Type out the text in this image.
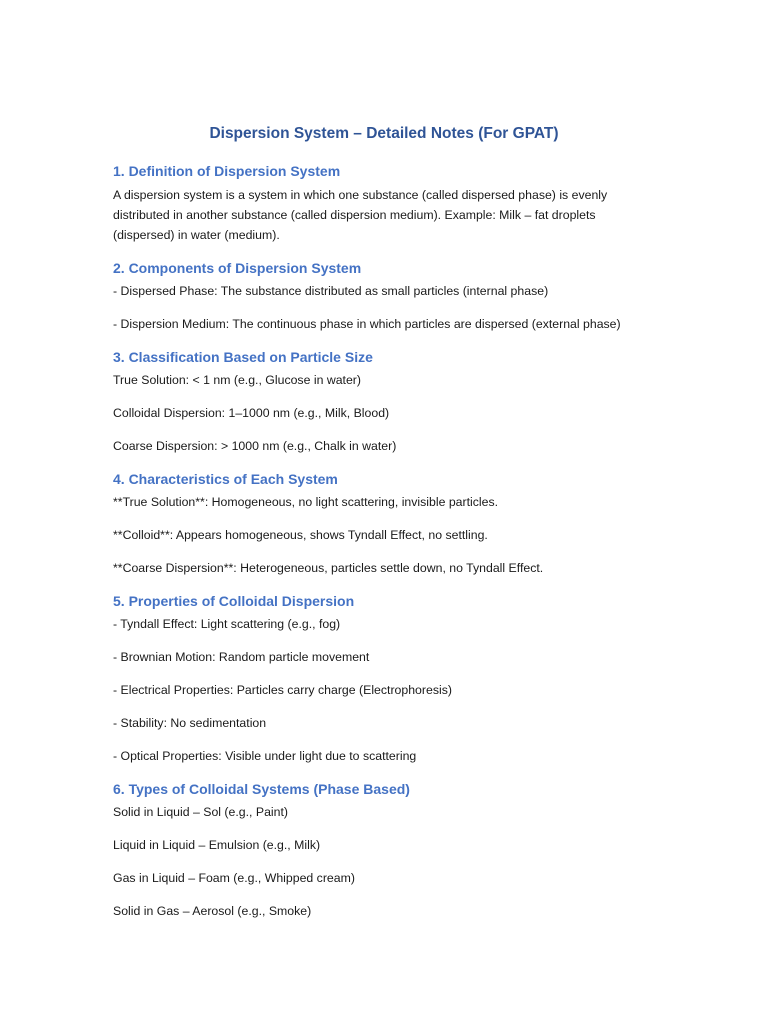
Dispersion System – Detailed Notes (For GPAT)
1. Definition of Dispersion System
A dispersion system is a system in which one substance (called dispersed phase) is evenly distributed in another substance (called dispersion medium). Example: Milk – fat droplets (dispersed) in water (medium).
2. Components of Dispersion System
- Dispersed Phase: The substance distributed as small particles (internal phase)
- Dispersion Medium: The continuous phase in which particles are dispersed (external phase)
3. Classification Based on Particle Size
True Solution: < 1 nm (e.g., Glucose in water)
Colloidal Dispersion: 1–1000 nm (e.g., Milk, Blood)
Coarse Dispersion: > 1000 nm (e.g., Chalk in water)
4. Characteristics of Each System
**True Solution**: Homogeneous, no light scattering, invisible particles.
**Colloid**: Appears homogeneous, shows Tyndall Effect, no settling.
**Coarse Dispersion**: Heterogeneous, particles settle down, no Tyndall Effect.
5. Properties of Colloidal Dispersion
- Tyndall Effect: Light scattering (e.g., fog)
- Brownian Motion: Random particle movement
- Electrical Properties: Particles carry charge (Electrophoresis)
- Stability: No sedimentation
- Optical Properties: Visible under light due to scattering
6. Types of Colloidal Systems (Phase Based)
Solid in Liquid – Sol (e.g., Paint)
Liquid in Liquid – Emulsion (e.g., Milk)
Gas in Liquid – Foam (e.g., Whipped cream)
Solid in Gas – Aerosol (e.g., Smoke)
